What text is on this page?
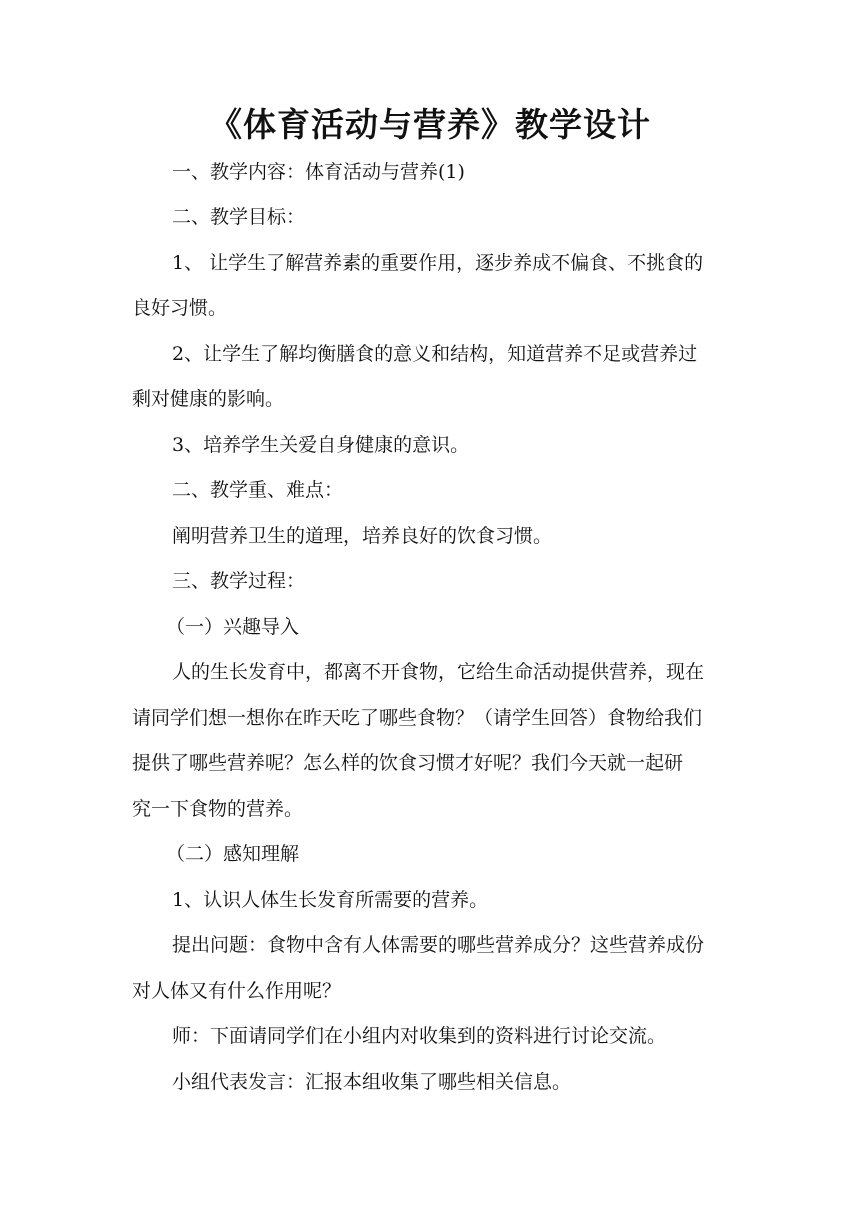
《体育活动与营养》教学设计
一、教学内容：体育活动与营养(1)
二、教学目标：
1、 让学生了解营养素的重要作用，逐步养成不偏食、不挑食的
良好习惯。
2、让学生了解均衡膳食的意义和结构，知道营养不足或营养过
剩对健康的影响。
3、培养学生关爱自身健康的意识。
二、教学重、难点：
阐明营养卫生的道理，培养良好的饮食习惯。
三、教学过程：
（一）兴趣导入
人的生长发育中，都离不开食物，它给生命活动提供营养，现在
请同学们想一想你在昨天吃了哪些食物？（请学生回答）食物给我们
提供了哪些营养呢？怎么样的饮食习惯才好呢？我们今天就一起研
究一下食物的营养。
（二）感知理解
1、认识人体生长发育所需要的营养。
提出问题：食物中含有人体需要的哪些营养成分？这些营养成份
对人体又有什么作用呢？
师：下面请同学们在小组内对收集到的资料进行讨论交流。
小组代表发言：汇报本组收集了哪些相关信息。
